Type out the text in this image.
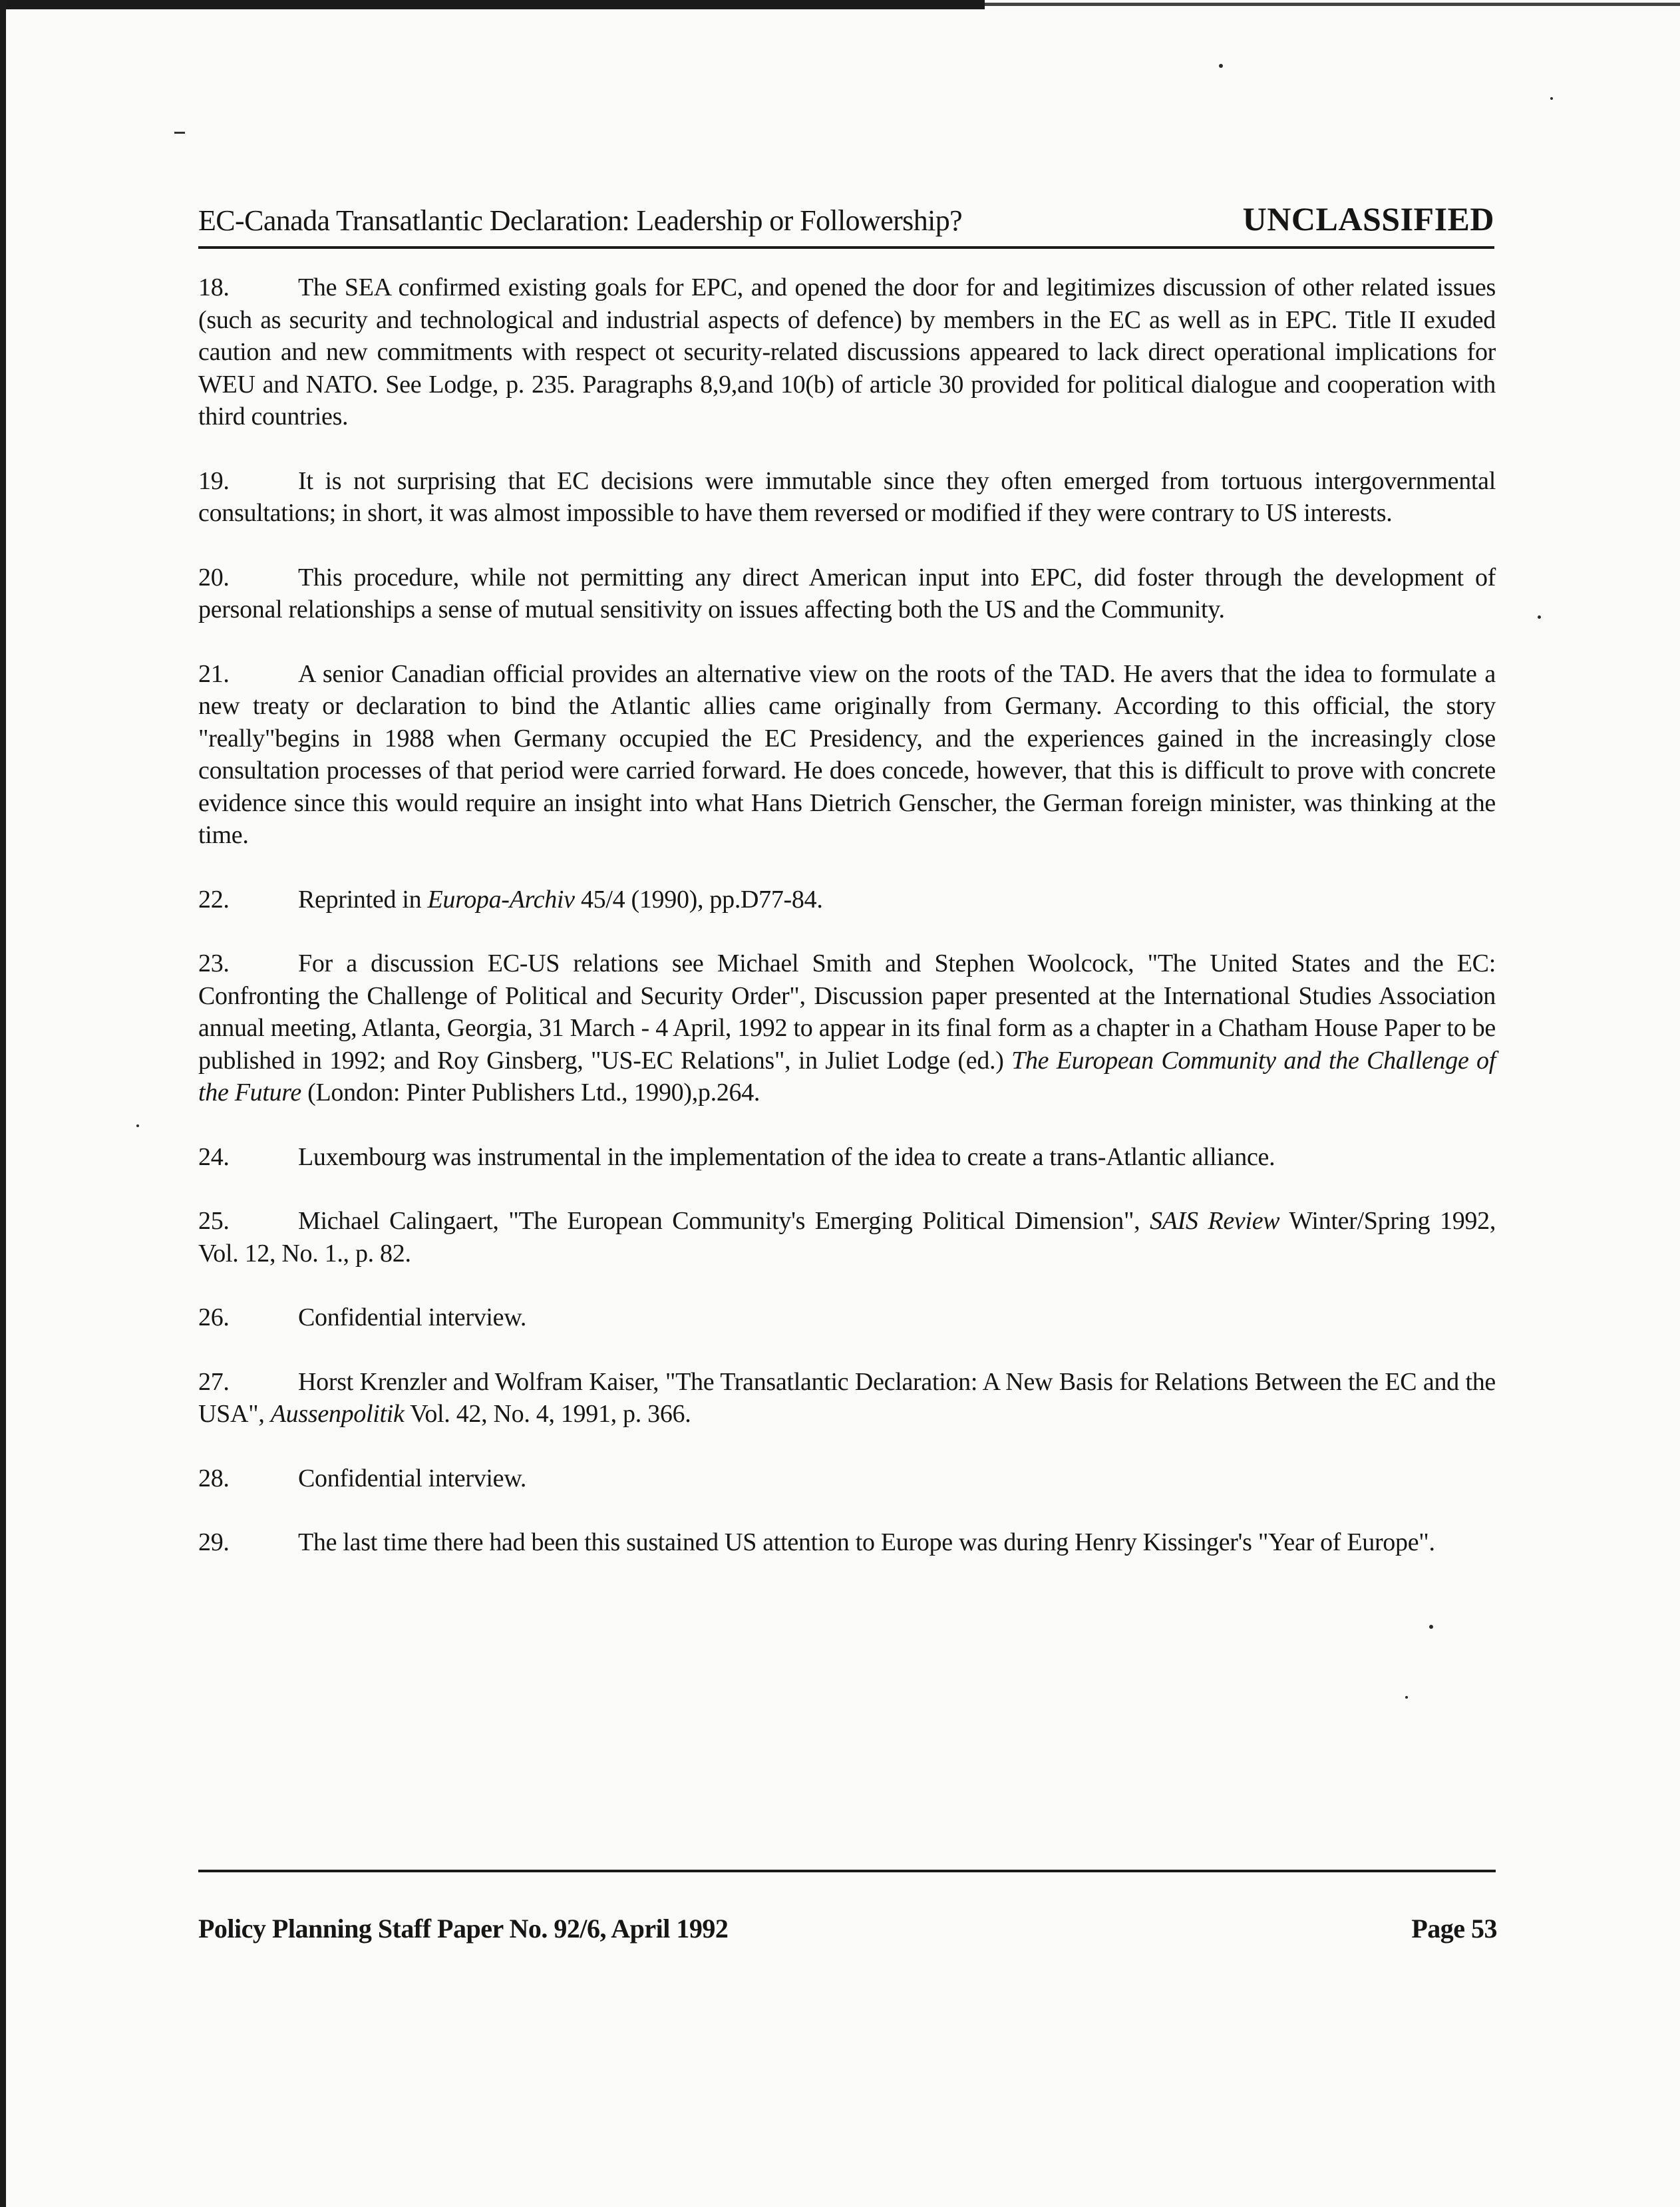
EC-Canada Transatlantic Declaration: Leadership or Followership?	UNCLASSIFIED

18.	The SEA confirmed existing goals for EPC, and opened the door for and legitimizes discussion of other related issues (such as security and technological and industrial aspects of defence) by members in the EC as well as in EPC. Title II exuded caution and new commitments with respect ot security-related discussions appeared to lack direct operational implications for WEU and NATO. See Lodge, p. 235. Paragraphs 8,9,and 10(b) of article 30 provided for political dialogue and cooperation with third countries.

19.	It is not surprising that EC decisions were immutable since they often emerged from tortuous intergovernmental consultations; in short, it was almost impossible to have them reversed or modified if they were contrary to US interests.

20.	This procedure, while not permitting any direct American input into EPC, did foster through the development of personal relationships a sense of mutual sensitivity on issues affecting both the US and the Community.

21.	A senior Canadian official provides an alternative view on the roots of the TAD. He avers that the idea to formulate a new treaty or declaration to bind the Atlantic allies came originally from Germany. According to this official, the story "really"begins in 1988 when Germany occupied the EC Presidency, and the experiences gained in the increasingly close consultation processes of that period were carried forward. He does concede, however, that this is difficult to prove with concrete evidence since this would require an insight into what Hans Dietrich Genscher, the German foreign minister, was thinking at the time.

22.	Reprinted in Europa-Archiv 45/4 (1990), pp.D77-84.

23.	For a discussion EC-US relations see Michael Smith and Stephen Woolcock, "The United States and the EC: Confronting the Challenge of Political and Security Order", Discussion paper presented at the International Studies Association annual meeting, Atlanta, Georgia, 31 March - 4 April, 1992 to appear in its final form as a chapter in a Chatham House Paper to be published in 1992; and Roy Ginsberg, "US-EC Relations", in Juliet Lodge (ed.) The European Community and the Challenge of the Future (London: Pinter Publishers Ltd., 1990),p.264.

24.	Luxembourg was instrumental in the implementation of the idea to create a trans-Atlantic alliance.

25.	Michael Calingaert, "The European Community's Emerging Political Dimension", SAIS Review Winter/Spring 1992, Vol. 12, No. 1., p. 82.

26.	Confidential interview.

27.	Horst Krenzler and Wolfram Kaiser, "The Transatlantic Declaration: A New Basis for Relations Between the EC and the USA", Aussenpolitik Vol. 42, No. 4, 1991, p. 366.

28.	Confidential interview.

29.	The last time there had been this sustained US attention to Europe was during Henry Kissinger's "Year of Europe".

Policy Planning Staff Paper No. 92/6, April 1992	Page 53
